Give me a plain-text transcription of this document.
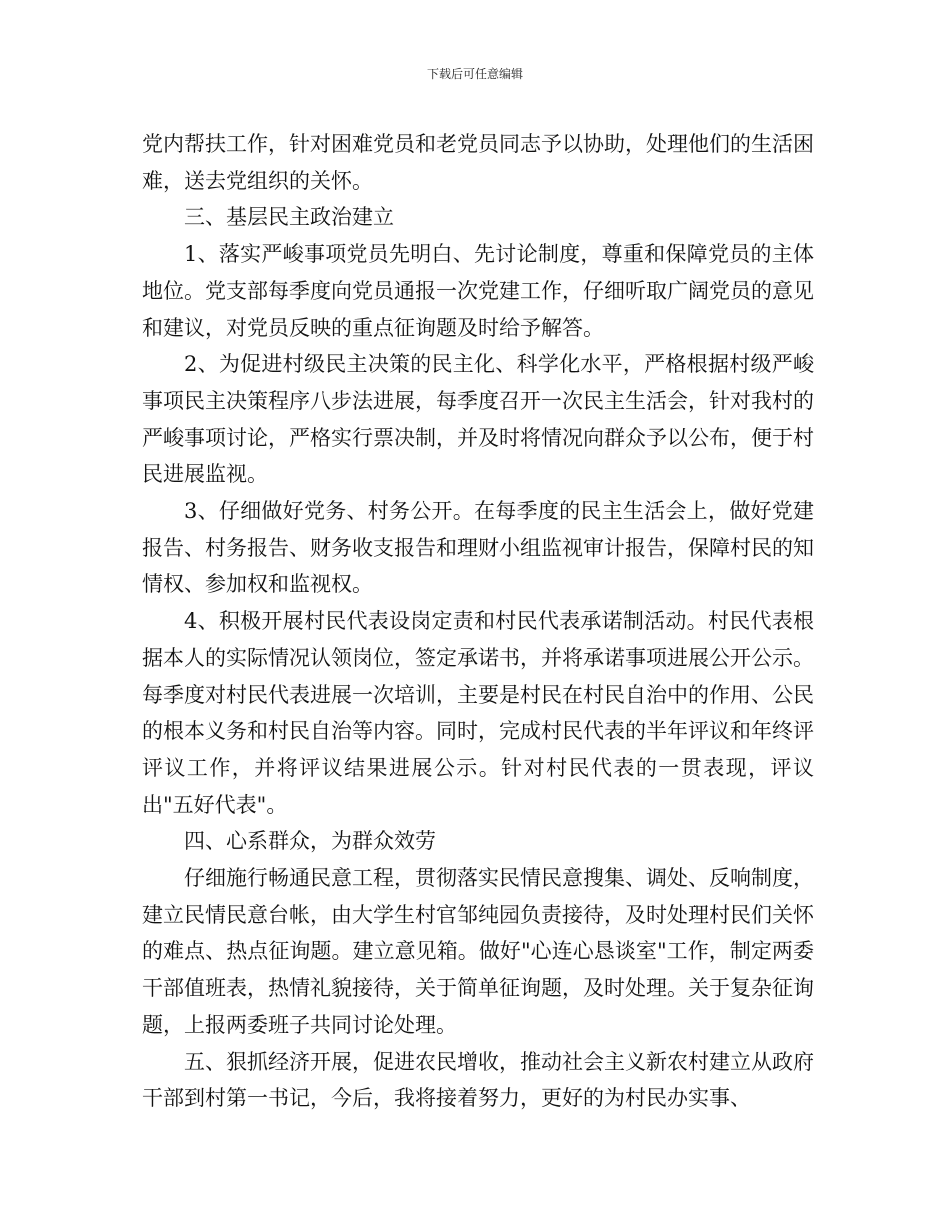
下载后可任意编辑

党内帮扶工作，针对困难党员和老党员同志予以协助，处理他们的生活困难，送去党组织的关怀。

三、基层民主政治建立

1、落实严峻事项党员先明白、先讨论制度，尊重和保障党员的主体地位。党支部每季度向党员通报一次党建工作，仔细听取广阔党员的意见和建议，对党员反映的重点征询题及时给予解答。

2、为促进村级民主决策的民主化、科学化水平，严格根据村级严峻事项民主决策程序八步法进展，每季度召开一次民主生活会，针对我村的严峻事项讨论，严格实行票决制，并及时将情况向群众予以公布，便于村民进展监视。

3、仔细做好党务、村务公开。在每季度的民主生活会上，做好党建报告、村务报告、财务收支报告和理财小组监视审计报告，保障村民的知情权、参加权和监视权。

4、积极开展村民代表设岗定责和村民代表承诺制活动。村民代表根据本人的实际情况认领岗位，签定承诺书，并将承诺事项进展公开公示。每季度对村民代表进展一次培训，主要是村民在村民自治中的作用、公民的根本义务和村民自治等内容。同时，完成村民代表的半年评议和年终评评议工作，并将评议结果进展公示。针对村民代表的一贯表现，评议出"五好代表"。

四、心系群众，为群众效劳

仔细施行畅通民意工程，贯彻落实民情民意搜集、调处、反响制度，建立民情民意台帐，由大学生村官邹纯园负责接待，及时处理村民们关怀的难点、热点征询题。建立意见箱。做好"心连心恳谈室"工作，制定两委干部值班表，热情礼貌接待，关于简单征询题，及时处理。关于复杂征询题，上报两委班子共同讨论处理。

五、狠抓经济开展，促进农民增收，推动社会主义新农村建立从政府干部到村第一书记，今后，我将接着努力，更好的为村民办实事、
